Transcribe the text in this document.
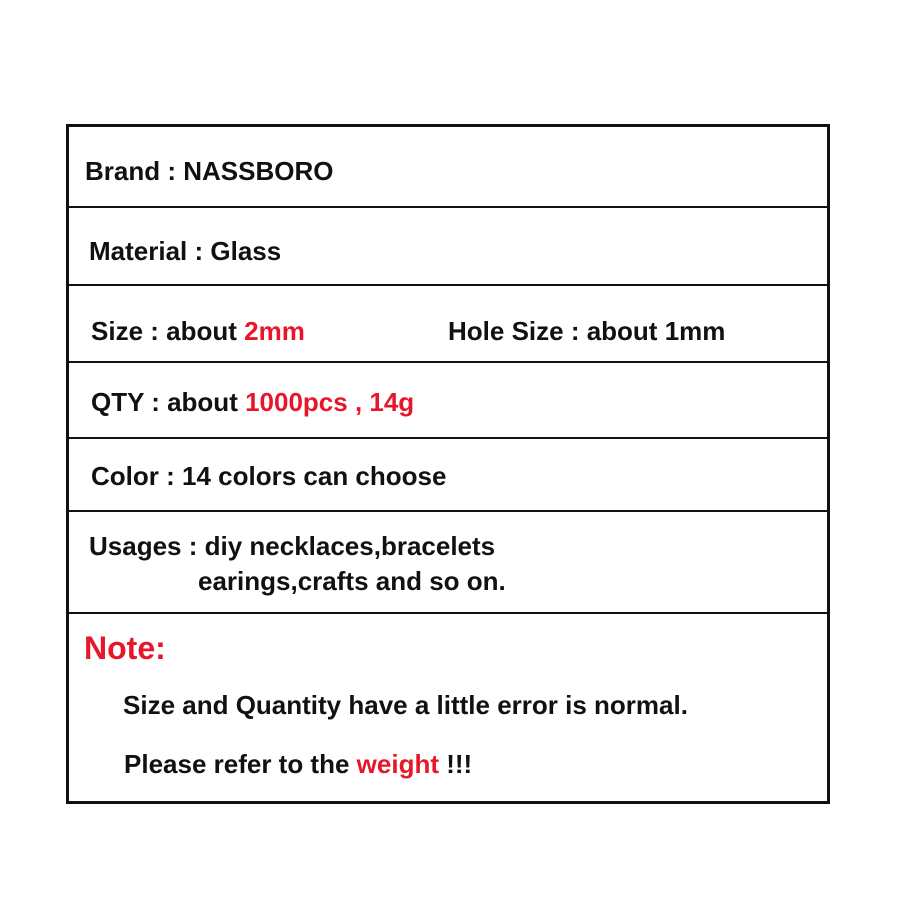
Brand : NASSBORO
Material : Glass
Size : about 2mm	Hole Size : about 1mm
QTY : about 1000pcs , 14g
Color : 14 colors can choose
Usages : diy necklaces,bracelets
earings,crafts and so on.
Note:
Size and Quantity have a little error is normal.
Please refer to the weight !!!
